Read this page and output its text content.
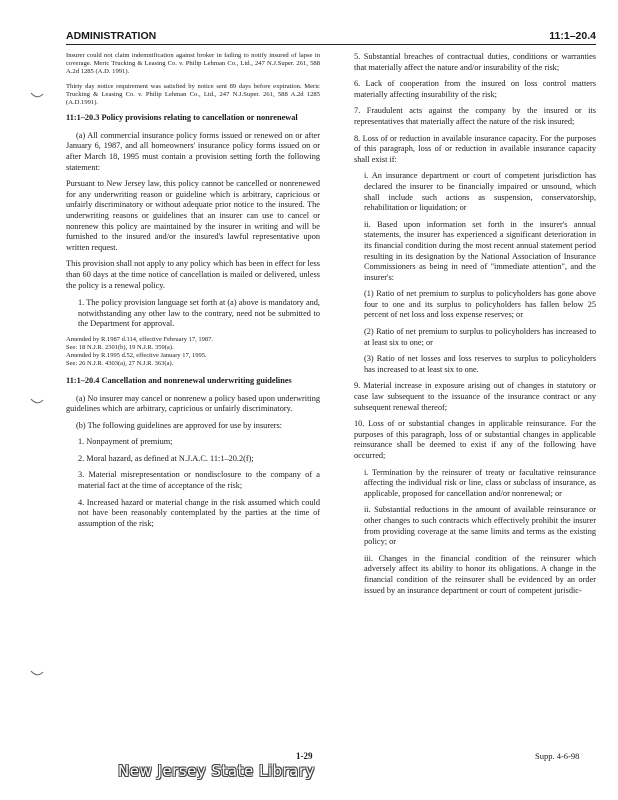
ADMINISTRATION	11:1–20.4

Insurer could not claim indemnification against broker in failing to notify insured of lapse in coverage. Meric Trucking & Leasing Co. v. Philip Lehman Co., Ltd., 247 N.J.Super. 261, 588 A.2d 1285 (A.D. 1991).

Thirty day notice requirement was satisfied by notice sent 89 days before expiration. Meric Trucking & Leasing Co. v. Philip Lehman Co., Ltd., 247 N.J.Super. 261, 588 A.2d 1285 (A.D.1991).

11:1–20.3 Policy provisions relating to cancellation or nonrenewal

(a) All commercial insurance policy forms issued or renewed on or after January 6, 1987, and all homeowners' insurance policy forms issued on or after March 18, 1995 must contain a provision setting forth the following statement:

Pursuant to New Jersey law, this policy cannot be cancelled or nonrenewed for any underwriting reason or guideline which is arbitrary, capricious or unfairly discriminatory or without adequate prior notice to the insured. The underwriting reasons or guidelines that an insurer can use to cancel or nonrenew this policy are maintained by the insurer in writing and will be furnished to the insured and/or the insured's lawful representative upon written request.

This provision shall not apply to any policy which has been in effect for less than 60 days at the time notice of cancellation is mailed or delivered, unless the policy is a renewal policy.

1. The policy provision language set forth at (a) above is mandatory and, notwithstanding any other law to the contrary, need not be submitted to the Department for approval.

Amended by R.1987 d.114, effective February 17, 1987.
See: 18 N.J.R. 2301(b), 19 N.J.R. 359(a).
Amended by R.1995 d.52, effective January 17, 1995.
See: 26 N.J.R. 4303(a), 27 N.J.R. 363(a).
11:1–20.4 Cancellation and nonrenewal underwriting guidelines

(a) No insurer may cancel or nonrenew a policy based upon underwriting guidelines which are arbitrary, capricious or unfairly discriminatory.

(b) The following guidelines are approved for use by insurers:

1. Nonpayment of premium;

2. Moral hazard, as defined at N.J.A.C. 11:1–20.2(f);

3. Material misrepresentation or nondisclosure to the company of a material fact at the time of acceptance of the risk;

4. Increased hazard or material change in the risk assumed which could not have been reasonably contemplated by the parties at the time of assumption of the risk;

5. Substantial breaches of contractual duties, conditions or warranties that materially affect the nature and/or insurability of the risk;

6. Lack of cooperation from the insured on loss control matters materially affecting insurability of the risk;

7. Fraudulent acts against the company by the insured or its representatives that materially affect the nature of the risk insured;

8. Loss of or reduction in available insurance capacity. For the purposes of this paragraph, loss of or reduction in available insurance capacity shall exist if:

i. An insurance department or court of competent jurisdiction has declared the insurer to be financially impaired or unsound, which shall include such actions as suspension, conservatorship, rehabilitation or liquidation; or

ii. Based upon information set forth in the insurer's annual statements, the insurer has experienced a significant deterioration in its financial condition during the most recent annual statement period resulting in its designation by the National Association of Insurance Commissioners as being in need of "immediate attention", and the insurer's:

(1) Ratio of net premium to surplus to policyholders has gone above four to one and its surplus to policyholders has fallen below 25 percent of net loss and loss expense reserves; or

(2) Ratio of net premium to surplus to policyholders has increased to at least six to one; or

(3) Ratio of net losses and loss reserves to surplus to policyholders has increased to at least six to one.

9. Material increase in exposure arising out of changes in statutory or case law subsequent to the issuance of the insurance contract or any subsequent renewal thereof;

10. Loss of or substantial changes in applicable reinsurance. For the purposes of this paragraph, loss of or substantial changes in applicable reinsurance shall be deemed to exist if any of the following have occurred;

i. Termination by the reinsurer of treaty or facultative reinsurance affecting the individual risk or line, class or subclass of insurance, as applicable, proposed for cancellation and/or nonrenewal; or

ii. Substantial reductions in the amount of available reinsurance or other changes to such contracts which effectively prohibit the insurer from providing coverage at the same limits and terms as the existing policy; or

iii. Changes in the financial condition of the reinsurer which adversely affect its ability to honor its obligations. A change in the financial condition of the reinsurer shall be evidenced by an order issued by an insurance department or court of competent jurisdic-

1-29	Supp. 4-6-98
New Jersey State Library
